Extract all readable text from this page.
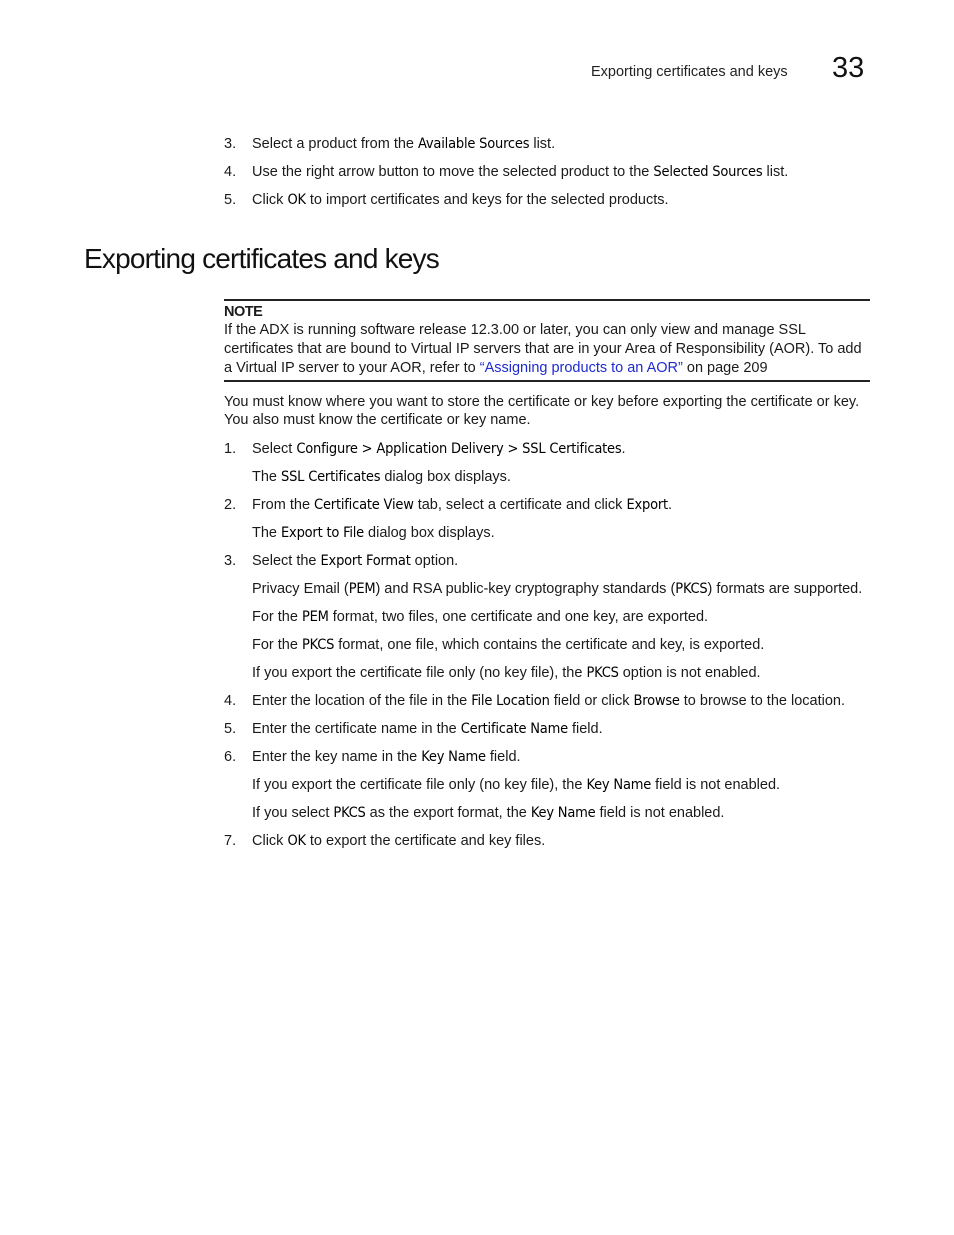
Exporting certificates and keys 33
3. Select a product from the Available Sources list.
4. Use the right arrow button to move the selected product to the Selected Sources list.
5. Click OK to import certificates and keys for the selected products.
Exporting certificates and keys
NOTE
If the ADX is running software release 12.3.00 or later, you can only view and manage SSL
certificates that are bound to Virtual IP servers that are in your Area of Responsibility (AOR). To add
a Virtual IP server to your AOR, refer to “Assigning products to an AOR” on page 209
You must know where you want to store the certificate or key before exporting the certificate or key.
You also must know the certificate or key name.
1. Select Configure > Application Delivery > SSL Certificates.
The SSL Certificates dialog box displays.
2. From the Certificate View tab, select a certificate and click Export.
The Export to File dialog box displays.
3. Select the Export Format option.
Privacy Email (PEM) and RSA public-key cryptography standards (PKCS) formats are supported.
For the PEM format, two files, one certificate and one key, are exported.
For the PKCS format, one file, which contains the certificate and key, is exported.
If you export the certificate file only (no key file), the PKCS option is not enabled.
4. Enter the location of the file in the File Location field or click Browse to browse to the location.
5. Enter the certificate name in the Certificate Name field.
6. Enter the key name in the Key Name field.
If you export the certificate file only (no key file), the Key Name field is not enabled.
If you select PKCS as the export format, the Key Name field is not enabled.
7. Click OK to export the certificate and key files.
